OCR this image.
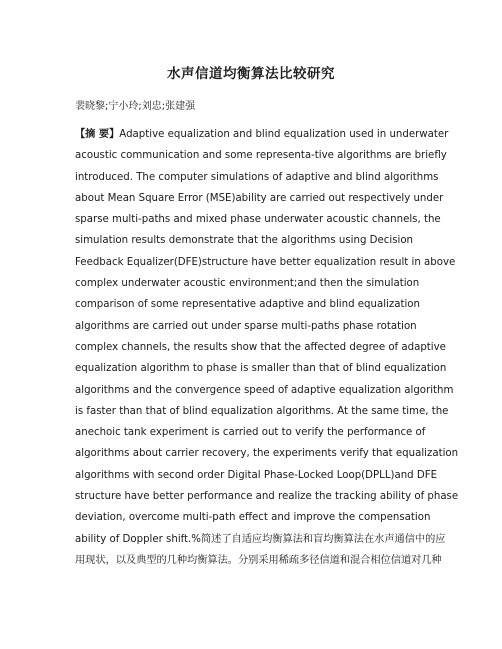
水声信道均衡算法比较研究
裴晓黎;宁小玲;刘忠;张建强
【摘 要】Adaptive equalization and blind equalization used in underwater
acoustic communication and some representa-tive algorithms are briefly
introduced. The computer simulations of adaptive and blind algorithms
about Mean Square Error (MSE)ability are carried out respectively under
sparse multi-paths and mixed phase underwater acoustic channels, the
simulation results demonstrate that the algorithms using Decision
Feedback Equalizer(DFE)structure have better equalization result in above
complex underwater acoustic environment;and then the simulation
comparison of some representative adaptive and blind equalization
algorithms are carried out under sparse multi-paths phase rotation
complex channels, the results show that the affected degree of adaptive
equalization algorithm to phase is smaller than that of blind equalization
algorithms and the convergence speed of adaptive equalization algorithm
is faster than that of blind equalization algorithms. At the same time, the
anechoic tank experiment is carried out to verify the performance of
algorithms about carrier recovery, the experiments verify that equalization
algorithms with second order Digital Phase-Locked Loop(DPLL)and DFE
structure have better performance and realize the tracking ability of phase
deviation, overcome multi-path effect and improve the compensation
ability of Doppler shift.%简述了自适应均衡算法和盲均衡算法在水声通信中的应
用现状，以及典型的几种均衡算法。分别采用稀疏多径信道和混合相位信道对几种
